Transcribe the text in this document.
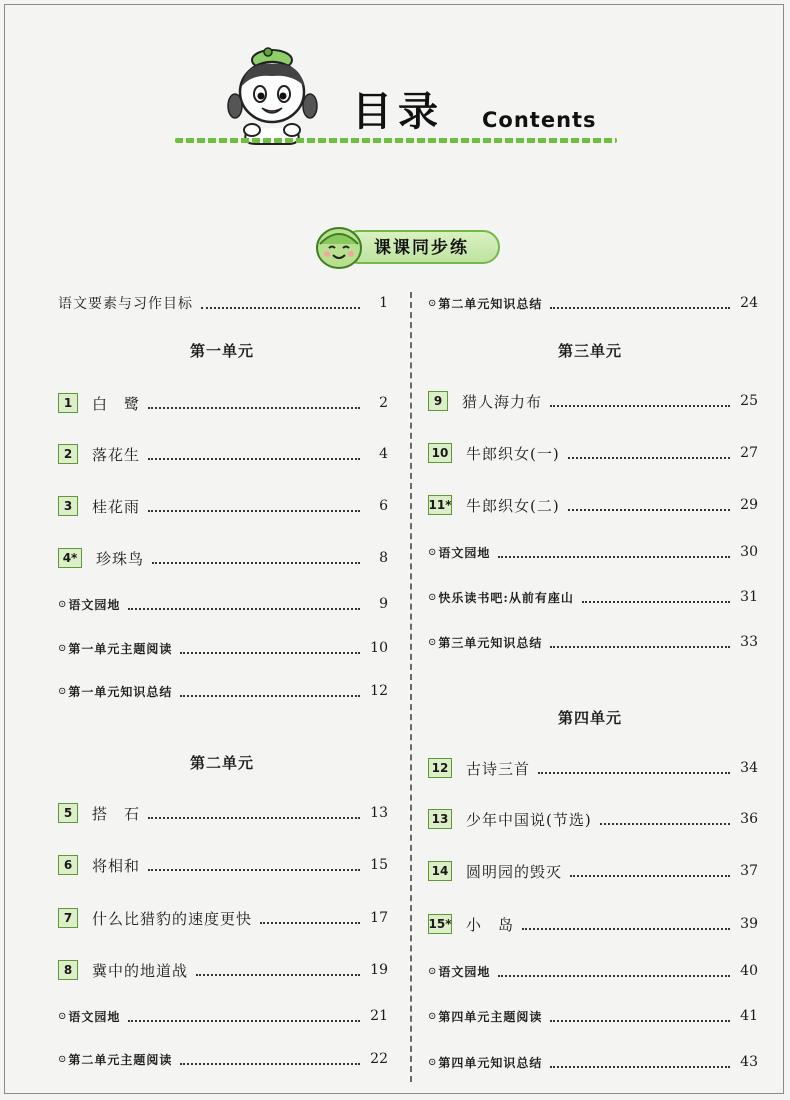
目录 Contents
课课同步练
语文要素与习作目标	1
第一单元
1	白　鹭	2
2	落花生	4
3	桂花雨	6
4*	珍珠鸟	8
⊙ 语文园地	9
⊙ 第一单元主题阅读	10
⊙ 第一单元知识总结	12
第二单元
5	搭　石	13
6	将相和	15
7	什么比猎豹的速度更快	17
8	冀中的地道战	19
⊙ 语文园地	21
⊙ 第二单元主题阅读	22
⊙ 第二单元知识总结	24
第三单元
9	猎人海力布	25
10 牛郎织女(一)	27
11* 牛郎织女(二)	29
⊙ 语文园地	30
⊙ 快乐读书吧:从前有座山	31
⊙ 第三单元知识总结	33
第四单元
12 古诗三首	34
13 少年中国说(节选)	36
14 圆明园的毁灭	37
15* 小　岛	39
⊙ 语文园地	40
⊙ 第四单元主题阅读	41
⊙ 第四单元知识总结	43
